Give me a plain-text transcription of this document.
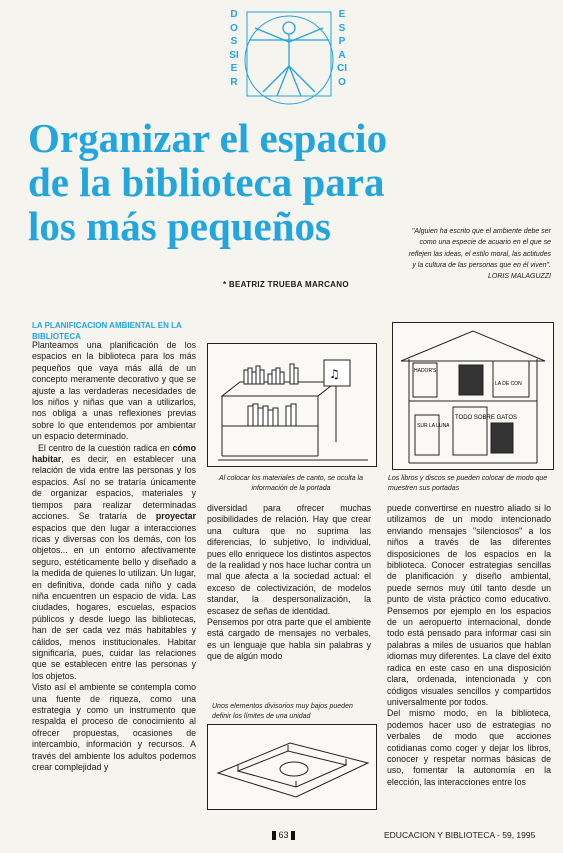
DOSSIER
ESPACIO
Organizar el espacio de la biblioteca para los más pequeños	"Alguien ha escrito que el ambiente debe ser como una especie de acuario en el que se reflejen las ideas, el estilo moral, las actitudes y la cultura de las personas que en él viven".
LORIS MALAGUZZI
* BEATRIZ TRUEBA MARCANO
LA PLANIFICACION AMBIENTAL EN LA BIBLIOTECA

Planteamos una planificación de los espacios en la biblioteca para los más pequeños que vaya más allá de un concepto meramente decorativo y que se ajuste a las verdaderas necesidades de los niños y niñas que van a utilizarlos, nos obliga a unas reflexiones previas sobre lo que entendemos por ambientar un espacio determinado.

El centro de la cuestión radica en cómo habitar, es decir, en establecer una relación de vida entre las personas y los espacios. Así no se trataría únicamente de organizar espacios, materiales y tiempos para realizar determinadas acciones. Se trataría de proyectar espacios que den lugar a interacciones ricas y diversas con los demás, con los objetos... en un entorno afectivamente seguro, estéticamente bello y diseñado a la medida de quienes lo utilizan. Un lugar, en definitiva, donde cada niño y cada niña encuentren un espacio de vida. Las ciudades, hogares, escuelas, espacios públicos y desde luego las bibliotecas, han de ser cada vez más habitables y cálidos, menos institucionales. Habitar significaría, pues, cuidar las relaciones que se establecen entre las personas y los objetos.

Visto así el ambiente se contempla como una fuente de riqueza, como una estrategia y como un instrumento que respalda el proceso de conocimiento al ofrecer propuestas, ocasiones de intercambio, información y recursos. A través del ambiente los adultos podemos crear complejidad y

♫
Al colocar los materiales de canto, se oculta la información de la portada
HADOR'S
LA DE CON
TODO SOBRE GATOS
SUR LA LUNA
Los libros y discos se pueden colocar de modo que muestren sus portadas

diversidad para ofrecer muchas posibilidades de relación. Hay que crear una cultura que no suprima las diferencias, lo subjetivo, lo individual, pues ello enriquece los distintos aspectos de la realidad y nos hace luchar contra un mal que afecta a la sociedad actual: el exceso de colectivización, de modelos standar, la despersonalización, la escasez de señas de identidad.

Pensemos por otra parte que el ambiente está cargado de mensajes no verbales, es un lenguaje que habla sin palabras y que de algún modo

Unos elementos divisorios muy bajos pueden definir los límites de una unidad

puede convertirse en nuestro aliado si lo utilizamos de un modo intencionado enviando mensajes "silenciosos" a los niños a través de las diferentes disposiciones de los espacios en la biblioteca. Conocer estrategias sencillas de planificación y diseño ambiental, puede sernos muy útil tanto desde un punto de vista práctico como educativo. Pensemos por ejemplo en los espacios de un aeropuerto internacional, donde todo está pensado para informar casi sin palabras a miles de usuarios que hablan idiomas muy diferentes. La clave del éxito radica en este caso en una disposición clara, ordenada, intencionada y con códigos visuales sencillos y compartidos universalmente por todos.

Del mismo modo, en la biblioteca, podemos hacer uso de estrategias no verbales de modo que acciones cotidianas como coger y dejar los libros, conocer y respetar normas básicas de uso, fomentar la autonomía en la elección, las interacciones entre los

63	EDUCACION Y BIBLIOTECA - 59, 1995
